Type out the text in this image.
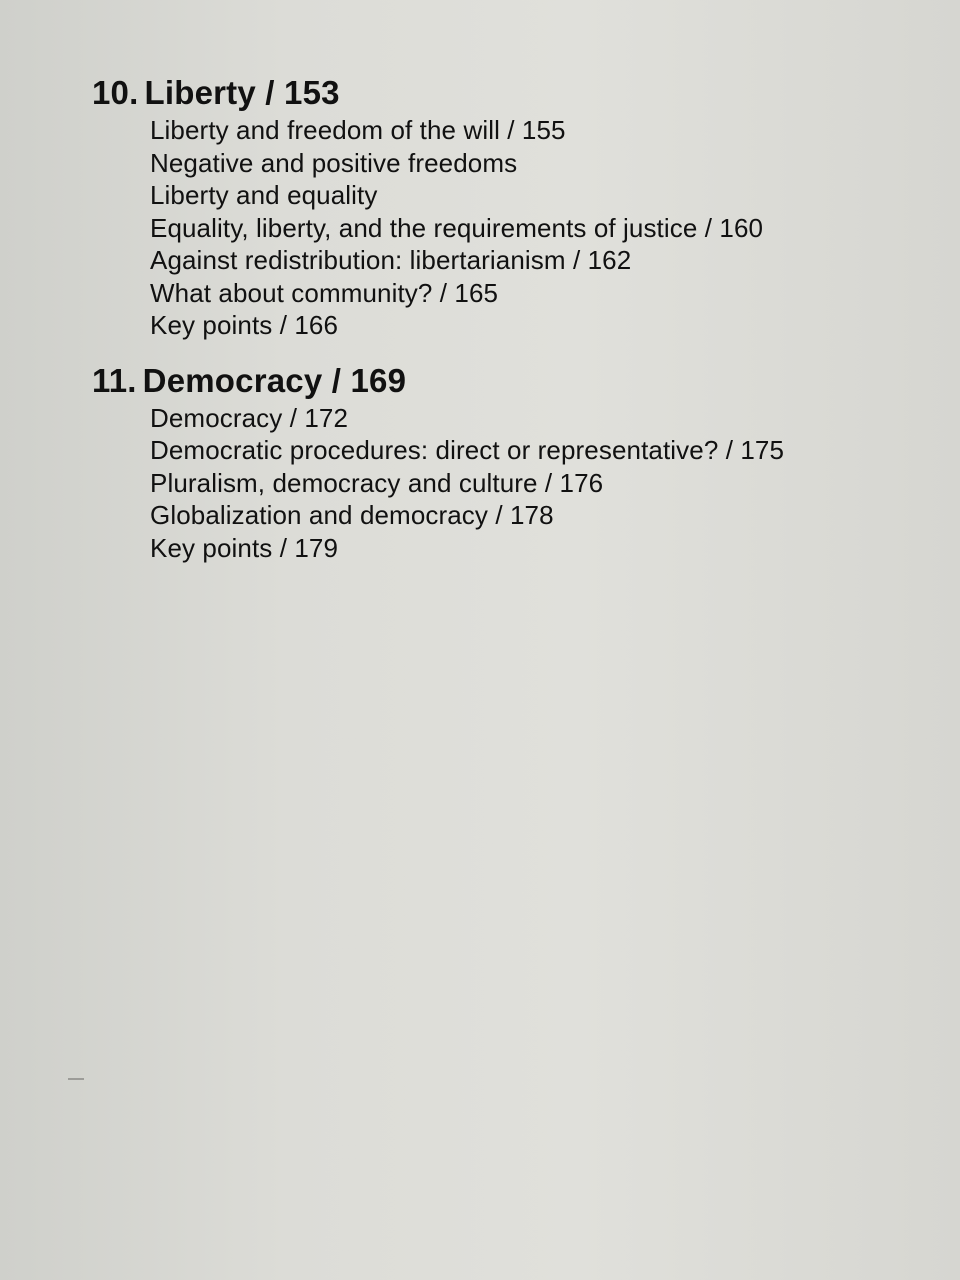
10. Liberty / 153
Liberty and freedom of the will / 155
Negative and positive freedoms
Liberty and equality
Equality, liberty, and the requirements of justice / 160
Against redistribution: libertarianism / 162
What about community? / 165
Key points / 166
11. Democracy / 169
Democracy / 172
Democratic procedures: direct or representative? / 175
Pluralism, democracy and culture / 176
Globalization and democracy / 178
Key points / 179
